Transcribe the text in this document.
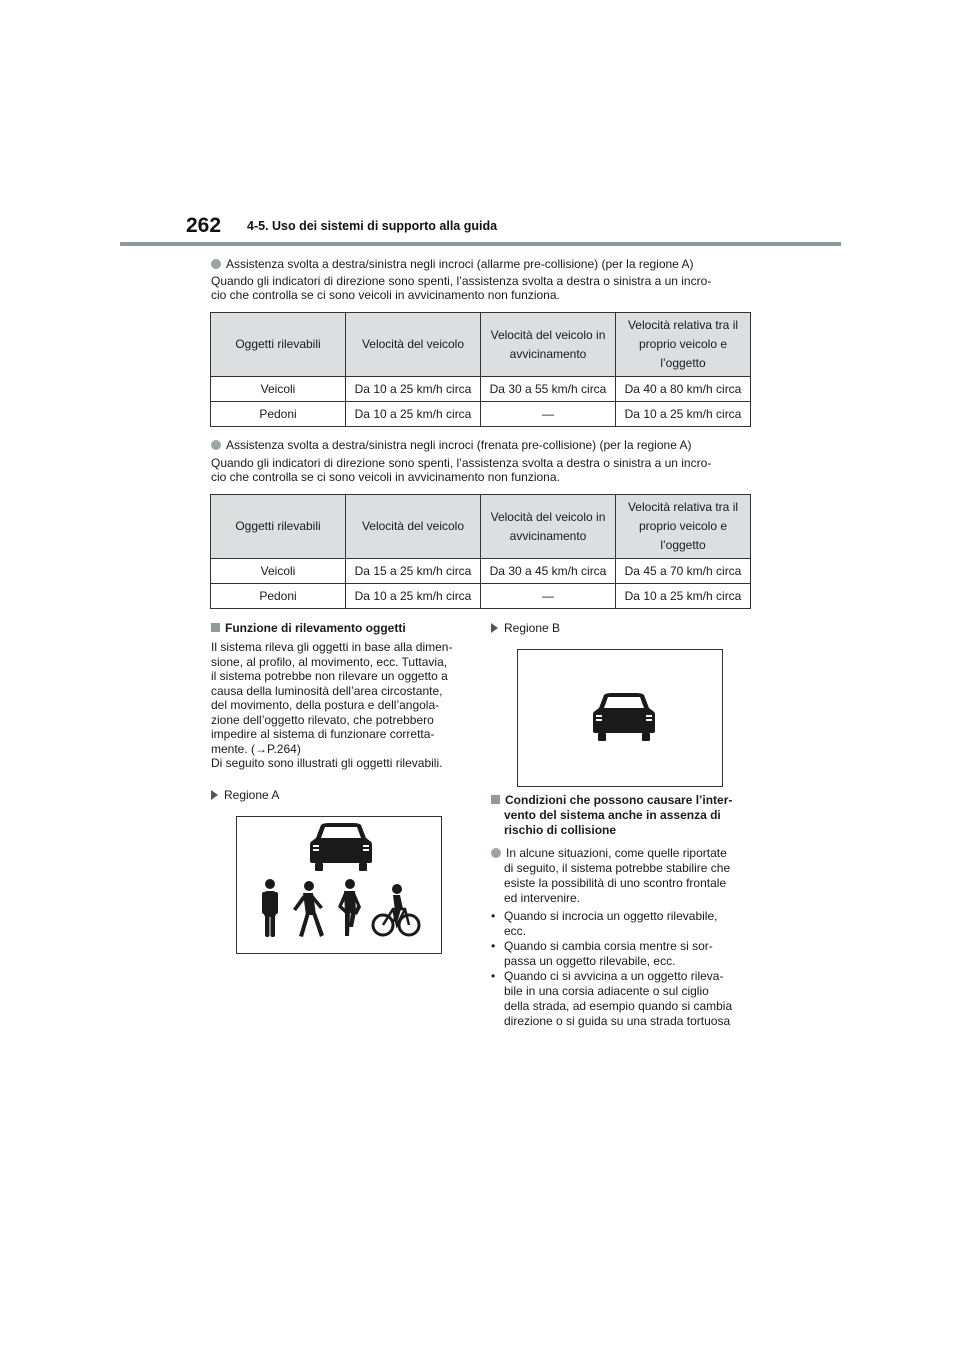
262 4-5. Uso dei sistemi di supporto alla guida
Assistenza svolta a destra/sinistra negli incroci (allarme pre-collisione) (per la regione A)
Quando gli indicatori di direzione sono spenti, l’assistenza svolta a destra o sinistra a un incro-
cio che controlla se ci sono veicoli in avvicinamento non funziona.
Oggetti rilevabili	Velocità del veicolo	Velocità del veicolo in avvicinamento	Velocità relativa tra il proprio veicolo e l’oggetto
Veicoli	Da 10 a 25 km/h circa	Da 30 a 55 km/h circa	Da 40 a 80 km/h circa
Pedoni	Da 10 a 25 km/h circa	—	Da 10 a 25 km/h circa
Assistenza svolta a destra/sinistra negli incroci (frenata pre-collisione) (per la regione A)
Quando gli indicatori di direzione sono spenti, l’assistenza svolta a destra o sinistra a un incro-
cio che controlla se ci sono veicoli in avvicinamento non funziona.
Oggetti rilevabili	Velocità del veicolo	Velocità del veicolo in avvicinamento	Velocità relativa tra il proprio veicolo e l’oggetto
Veicoli	Da 15 a 25 km/h circa	Da 30 a 45 km/h circa	Da 45 a 70 km/h circa
Pedoni	Da 10 a 25 km/h circa	—	Da 10 a 25 km/h circa
Funzione di rilevamento oggetti

Il sistema rileva gli oggetti in base alla dimen-

sione, al profilo, al movimento, ecc. Tuttavia,

il sistema potrebbe non rilevare un oggetto a

causa della luminosità dell’area circostante,

del movimento, della postura e dell’angola-

zione dell’oggetto rilevato, che potrebbero

impedire al sistema di funzionare corretta-

mente. (→P.264)

Di seguito sono illustrati gli oggetti rilevabili.

Regione A
Regione B
Condizioni che possono causare l’inter-
vento del sistema anche in assenza di
rischio di collisione
In alcune situazioni, come quelle riportate
di seguito, il sistema potrebbe stabilire che
esiste la possibilità di uno scontro frontale
ed intervenire.
• Quando si incrocia un oggetto rilevabile,
ecc.
• Quando si cambia corsia mentre si sor-
passa un oggetto rilevabile, ecc.
• Quando ci si avvicina a un oggetto rileva-
bile in una corsia adiacente o sul ciglio
della strada, ad esempio quando si cambia
direzione o si guida su una strada tortuosa
